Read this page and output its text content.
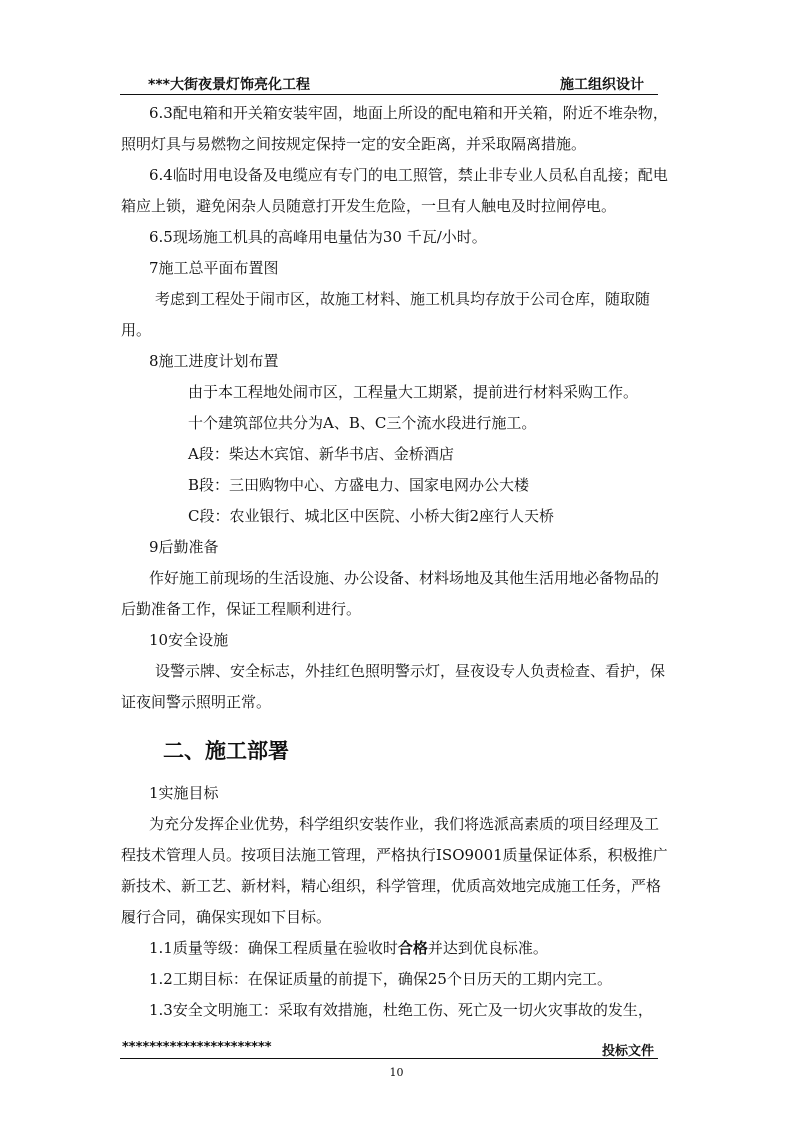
***大街夜景灯饰亮化工程	施工组织设计

6.3配电箱和开关箱安装牢固，地面上所设的配电箱和开关箱，附近不堆杂物，照明灯具与易燃物之间按规定保持一定的安全距离，并采取隔离措施。

6.4临时用电设备及电缆应有专门的电工照管，禁止非专业人员私自乱接；配电箱应上锁，避免闲杂人员随意打开发生危险，一旦有人触电及时拉闸停电。

6.5现场施工机具的高峰用电量估为30 千瓦/小时。

7施工总平面布置图

考虑到工程处于闹市区，故施工材料、施工机具均存放于公司仓库，随取随用。

8施工进度计划布置

由于本工程地处闹市区，工程量大工期紧，提前进行材料采购工作。

十个建筑部位共分为A、B、C三个流水段进行施工。

A段：柴达木宾馆、新华书店、金桥酒店

B段：三田购物中心、方盛电力、国家电网办公大楼

C段：农业银行、城北区中医院、小桥大街2座行人天桥

9后勤准备

作好施工前现场的生活设施、办公设备、材料场地及其他生活用地必备物品的后勤准备工作，保证工程顺利进行。

10安全设施

设警示牌、安全标志，外挂红色照明警示灯，昼夜设专人负责检查、看护，保证夜间警示照明正常。

二、施工部署

1实施目标

为充分发挥企业优势，科学组织安装作业，我们将选派高素质的项目经理及工程技术管理人员。按项目法施工管理，严格执行ISO9001质量保证体系，积极推广新技术、新工艺、新材料，精心组织，科学管理，优质高效地完成施工任务，严格履行合同，确保实现如下目标。

1.1质量等级：确保工程质量在验收时合格并达到优良标准。

1.2工期目标：在保证质量的前提下，确保25个日历天的工期内完工。

1.3安全文明施工：采取有效措施，杜绝工伤、死亡及一切火灾事故的发生，

**********************	投标文件
10
